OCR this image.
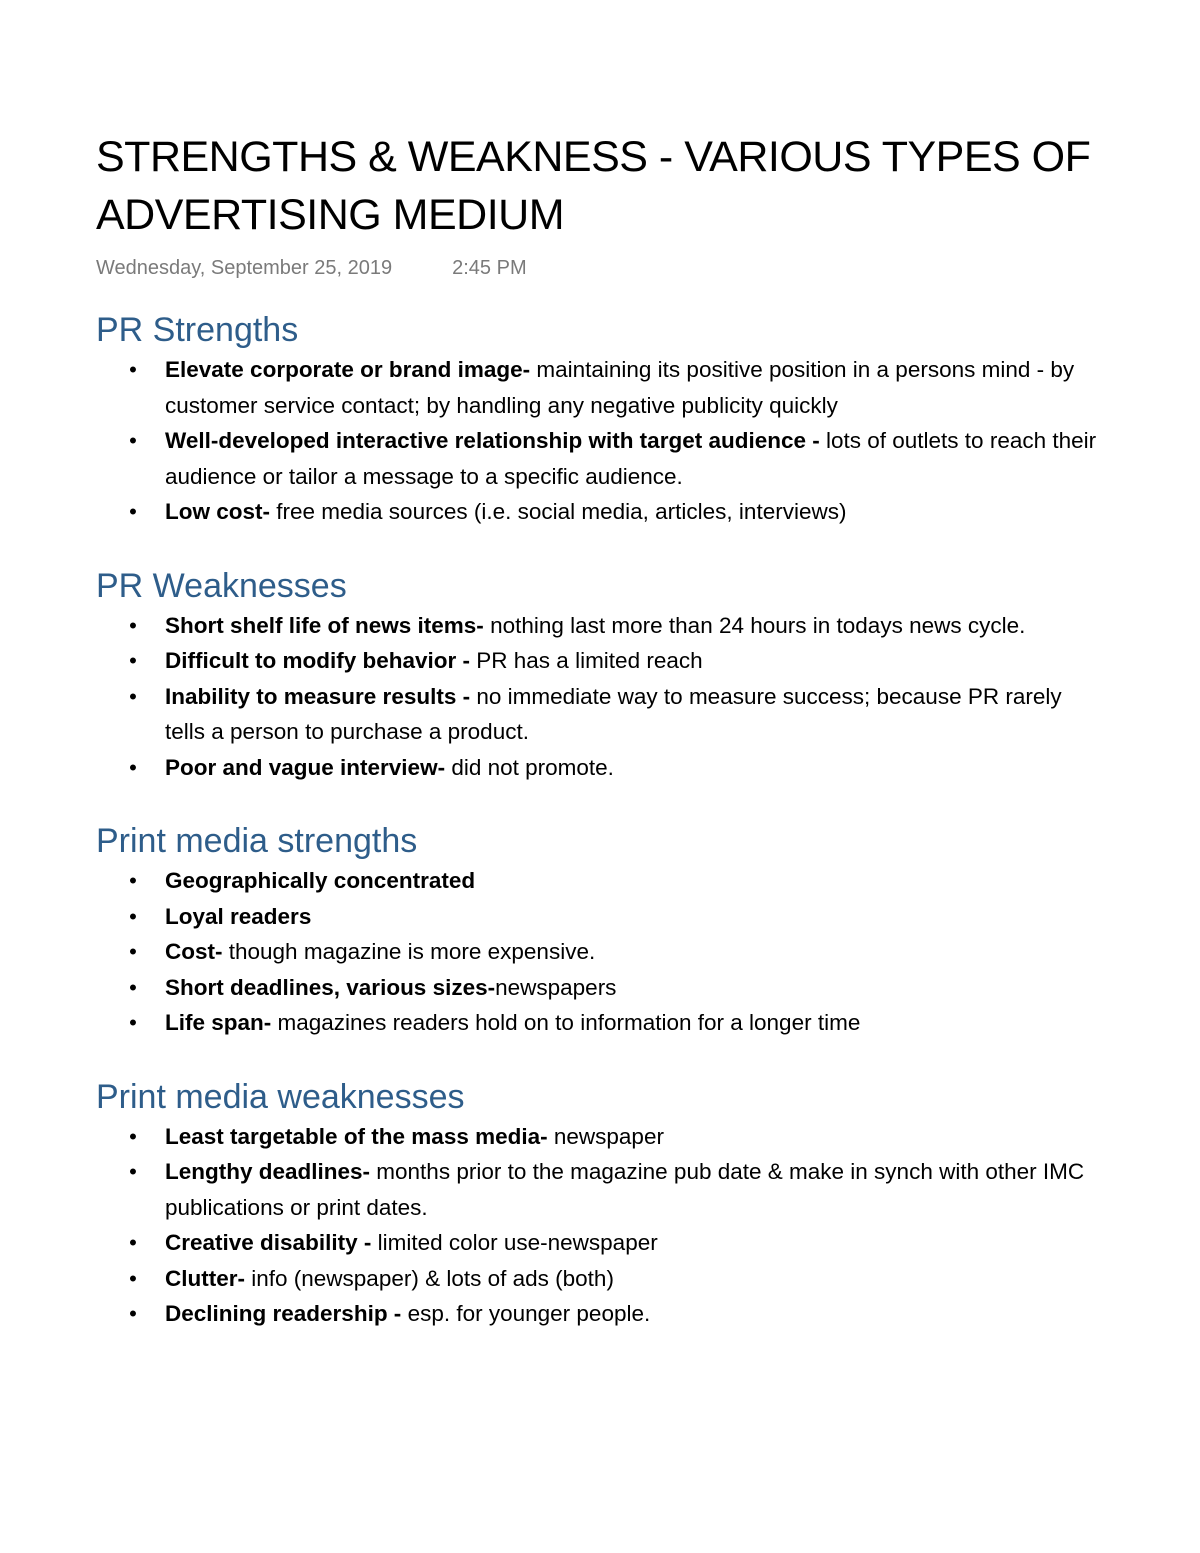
STRENGTHS & WEAKNESS - VARIOUS TYPES OF
ADVERTISING MEDIUM
Wednesday, September 25, 2019	2:45 PM
PR Strengths
• Elevate corporate or brand image- maintaining its positive position in a persons mind - by customer service contact; by handling any negative publicity quickly
• Well-developed interactive relationship with target audience - lots of outlets to reach their audience or tailor a message to a specific audience.
• Low cost- free media sources (i.e. social media, articles, interviews)
PR Weaknesses
• Short shelf life of news items- nothing last more than 24 hours in todays news cycle.
• Difficult to modify behavior - PR has a limited reach
• Inability to measure results - no immediate way to measure success; because PR rarely tells a person to purchase a product.
• Poor and vague interview- did not promote.
Print media strengths
• Geographically concentrated
• Loyal readers
• Cost- though magazine is more expensive.
• Short deadlines, various sizes-newspapers
• Life span- magazines readers hold on to information for a longer time
Print media weaknesses
• Least targetable of the mass media- newspaper
• Lengthy deadlines- months prior to the magazine pub date & make in synch with other IMC publications or print dates.
• Creative disability - limited color use-newspaper
• Clutter- info (newspaper) & lots of ads (both)
• Declining readership - esp. for younger people.
